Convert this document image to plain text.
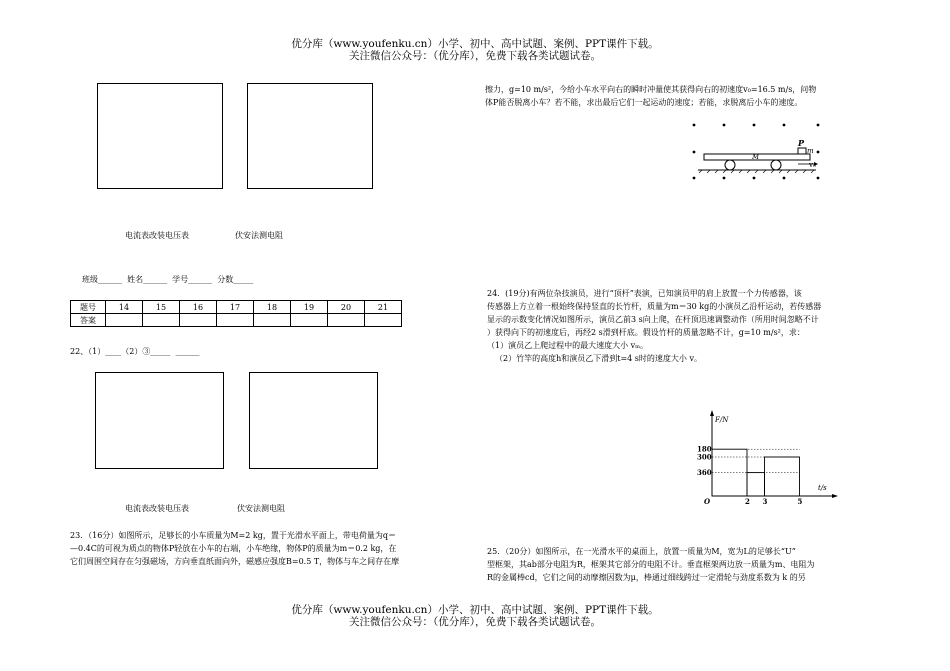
优分库（www.youfenku.cn）小学、初中、高中试题、案例、PPT课件下载。
关注微信公众号：（优分库），免费下载各类试题试卷。
电流表改装电压表	伏安法测电阻
班级______  姓名______  学号______  分数_____
题号	14	15	16	17	18	19	20	21
答案								
22、（1）____（2）③_____  ______
电流表改装电压表	伏安法测电阻
23．（16分）如图所示，足够长的小车质量为M=2 kg，置于光滑水平面上，带电荷量为q＝
—0.4C的可视为质点的物体P轻放在小车的右端，小车绝缘，物体P的质量为m＝0.2 kg，在
它们周围空间存在匀强磁场，方向垂直纸面向外，磁感应强度B=0.5 T，物体与车之间存在摩
擦力，g=10 m/s²，今给小车水平向右的瞬时冲量使其获得向右的初速度v₀=16.5 m/s，问物
体P能否脱离小车？若不能，求出最后它们一起运动的速度；若能，求脱离后小车的速度。
P
m
M
v₀
24．(19分)有两位杂技演员，进行“顶杆”表演，已知演员甲的肩上放置一个力传感器，该
传感器上方立着一根始终保持竖直的长竹杆，质量为m＝30 kg的小演员乙沿杆运动，若传感器
显示的示数变化情况如图所示，演员乙前3 s向上爬，在杆顶迅速调整动作（所用时间忽略不计
）获得向下的初速度后，再经2 s滑到杆底。假设竹杆的质量忽略不计，g=10 m/s²，求：
（1）演员乙上爬过程中的最大速度大小 vₘ。
（2）竹竿的高度h和演员乙下滑到t=4 s时的速度大小 v。
360
300
180
2 3	5
F/N
t/s
O
25．（20分）如图所示，在一光滑水平的桌面上，放置一质量为M，宽为L的足够长“U”
型框架，其ab部分电阻为R，框架其它部分的电阻不计。垂直框架两边放一质量为m、电阻为
R的金属棒cd，它们之间的动摩擦因数为μ，棒通过细线跨过一定滑轮与劲度系数为 k 的另
优分库（www.youfenku.cn）小学、初中、高中试题、案例、PPT课件下载。
关注微信公众号：（优分库），免费下载各类试题试卷。
